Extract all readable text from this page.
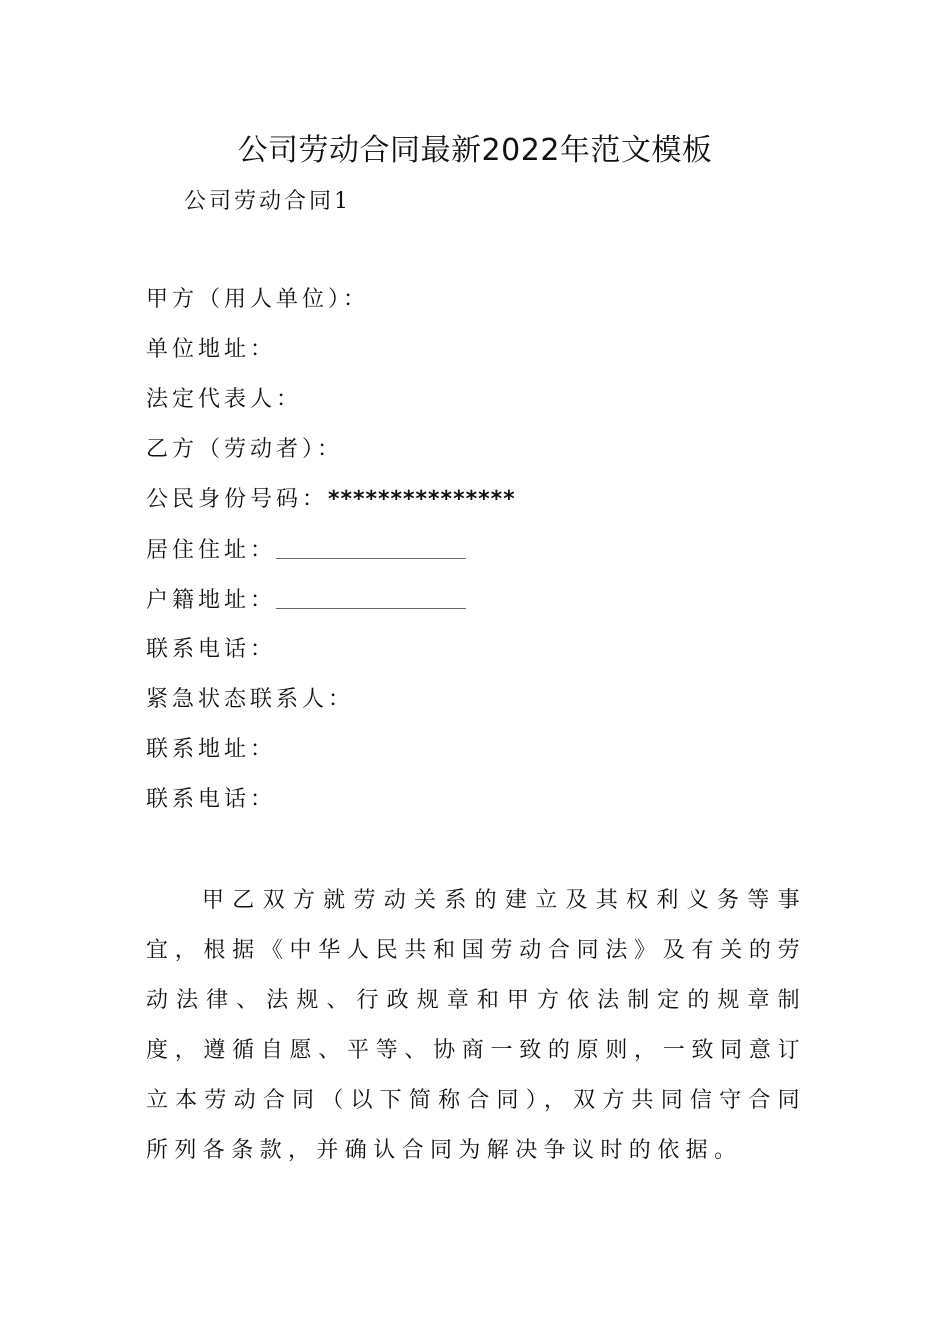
公司劳动合同最新2022年范文模板
公司劳动合同1
甲方（用人单位）：
单位地址：
法定代表人：
乙方（劳动者）：
公民身份号码：***************
居住住址：
户籍地址：
联系电话：
紧急状态联系人：
联系地址：
联系电话：

甲乙双方就劳动关系的建立及其权利义务等事宜，根据《中华人民共和国劳动合同法》及有关的劳动法律、法规、行政规章和甲方依法制定的规章制度，遵循自愿、平等、协商一致的原则，一致同意订立本劳动合同（以下简称合同），双方共同信守合同所列各条款，并确认合同为解决争议时的依据。
